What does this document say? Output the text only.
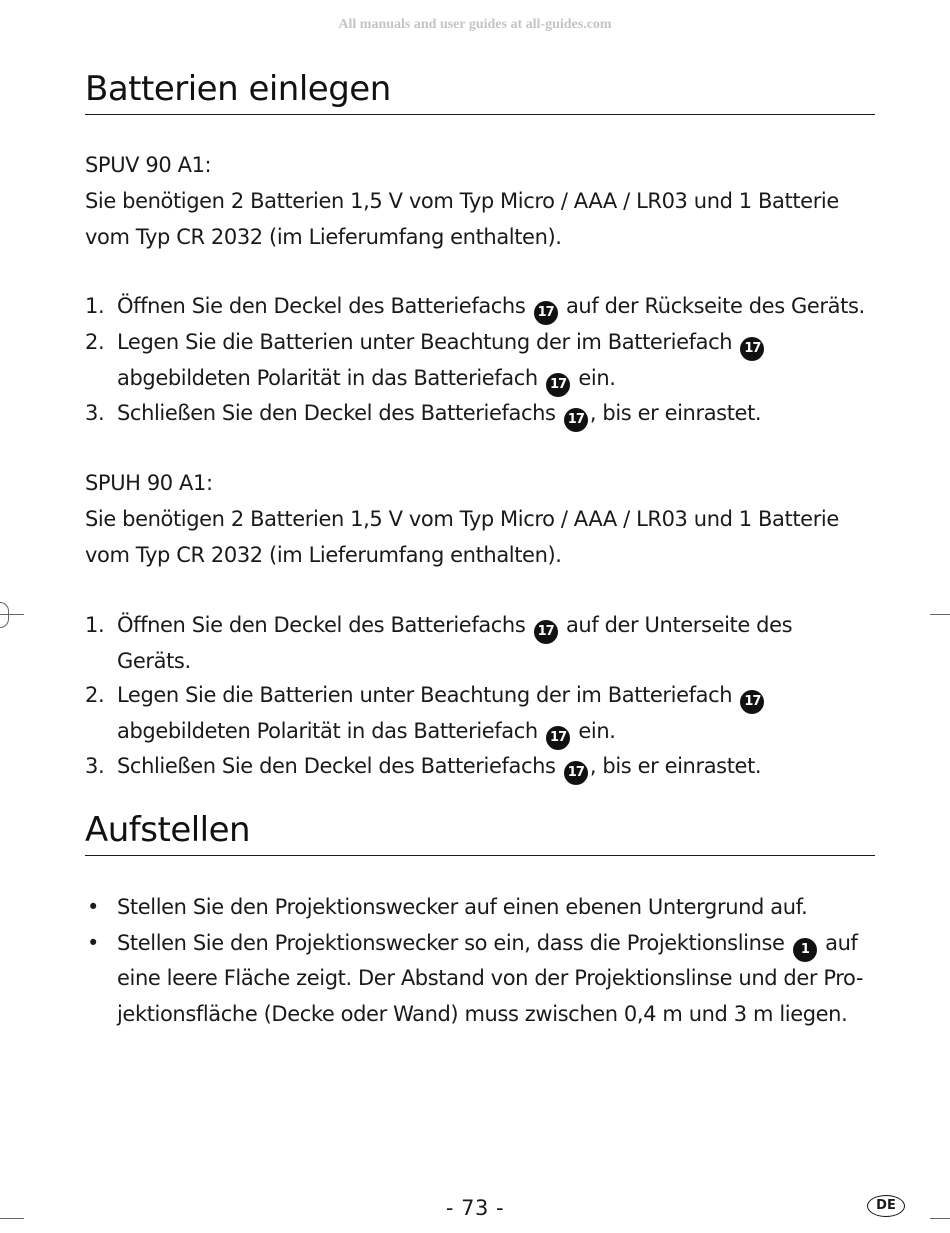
All manuals and user guides at all-guides.com
Batterien einlegen
SPUV 90 A1:
Sie benötigen 2 Batterien 1,5 V vom Typ Micro / AAA / LR03 und 1 Batterie
vom Typ CR 2032 (im Lieferumfang enthalten).
1. Öffnen Sie den Deckel des Batteriefachs 17 auf der Rückseite des Geräts.
2. Legen Sie die Batterien unter Beachtung der im Batteriefach 17
abgebildeten Polarität in das Batteriefach 17 ein.
3. Schließen Sie den Deckel des Batteriefachs 17 , bis er einrastet.
SPUH 90 A1:
Sie benötigen 2 Batterien 1,5 V vom Typ Micro / AAA / LR03 und 1 Batterie
vom Typ CR 2032 (im Lieferumfang enthalten).
1. Öffnen Sie den Deckel des Batteriefachs 17 auf der Unterseite des
Geräts.
2. Legen Sie die Batterien unter Beachtung der im Batteriefach 17
abgebildeten Polarität in das Batteriefach 17 ein.
3. Schließen Sie den Deckel des Batteriefachs 17 , bis er einrastet.
Aufstellen
• Stellen Sie den Projektionswecker auf einen ebenen Untergrund auf.
• Stellen Sie den Projektionswecker so ein, dass die Projektionslinse 1 auf
eine leere Fläche zeigt. Der Abstand von der Projektionslinse und der Pro-
jektionsfläche (Decke oder Wand) muss zwischen 0,4 m und 3 m liegen.
- 73 -	DE
